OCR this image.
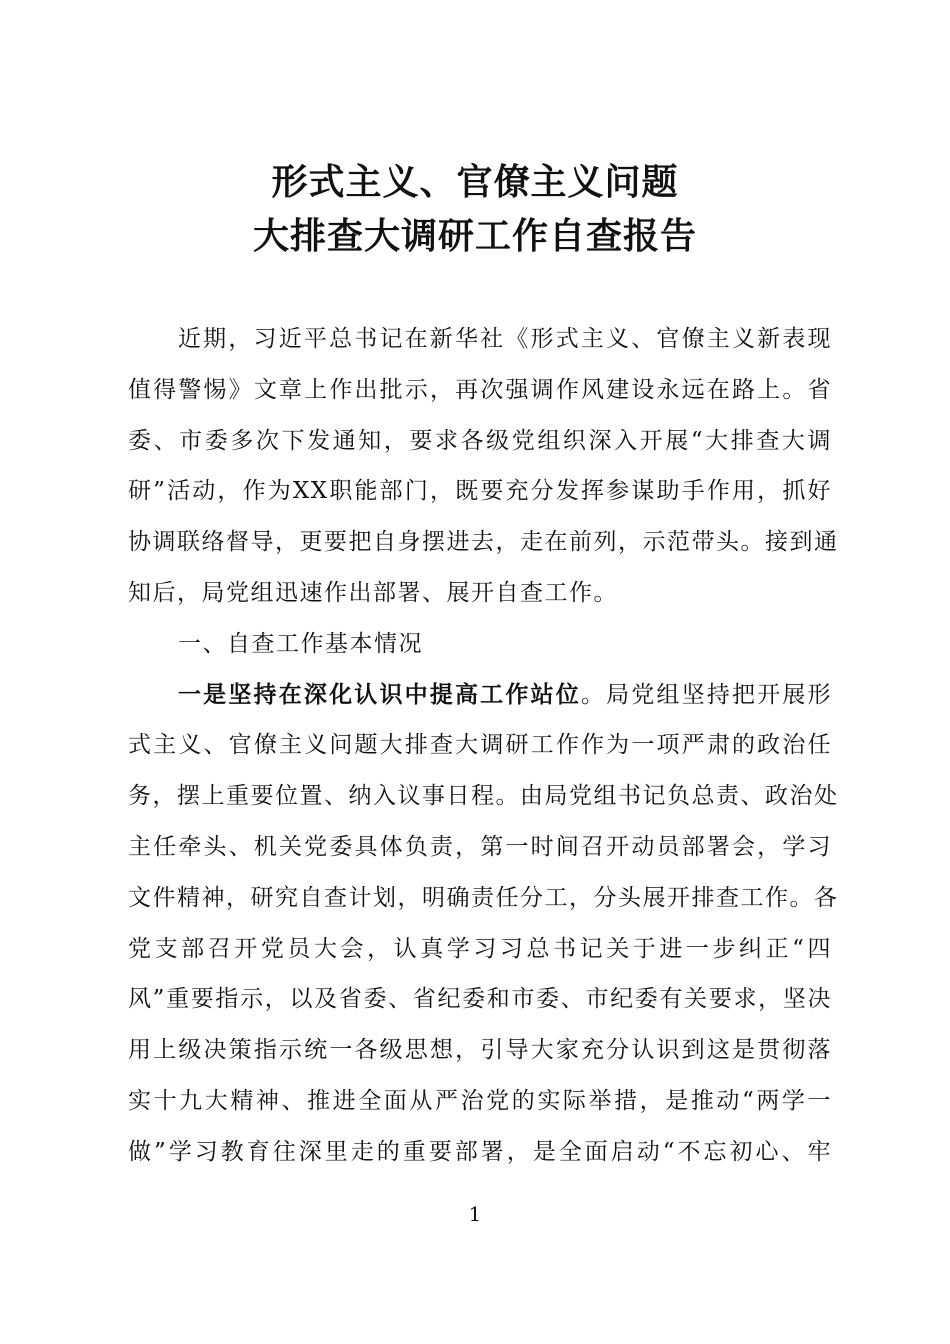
形式主义、官僚主义问题
大排查大调研工作自查报告
近期，习近平总书记在新华社《形式主义、官僚主义新表现
值得警惕》文章上作出批示，再次强调作风建设永远在路上。省
委、市委多次下发通知，要求各级党组织深入开展“大排查大调
研”活动，作为XX职能部门，既要充分发挥参谋助手作用，抓好
协调联络督导，更要把自身摆进去，走在前列，示范带头。接到通
知后，局党组迅速作出部署、展开自查工作。
一、自查工作基本情况
一是坚持在深化认识中提高工作站位。局党组坚持把开展形
式主义、官僚主义问题大排查大调研工作作为一项严肃的政治任
务，摆上重要位置、纳入议事日程。由局党组书记负总责、政治处
主任牵头、机关党委具体负责，第一时间召开动员部署会，学习
文件精神，研究自查计划，明确责任分工，分头展开排查工作。各
党支部召开党员大会，认真学习习总书记关于进一步纠正“四
风”重要指示，以及省委、省纪委和市委、市纪委有关要求，坚决
用上级决策指示统一各级思想，引导大家充分认识到这是贯彻落
实十九大精神、推进全面从严治党的实际举措，是推动“两学一
做”学习教育往深里走的重要部署，是全面启动“不忘初心、牢
1
